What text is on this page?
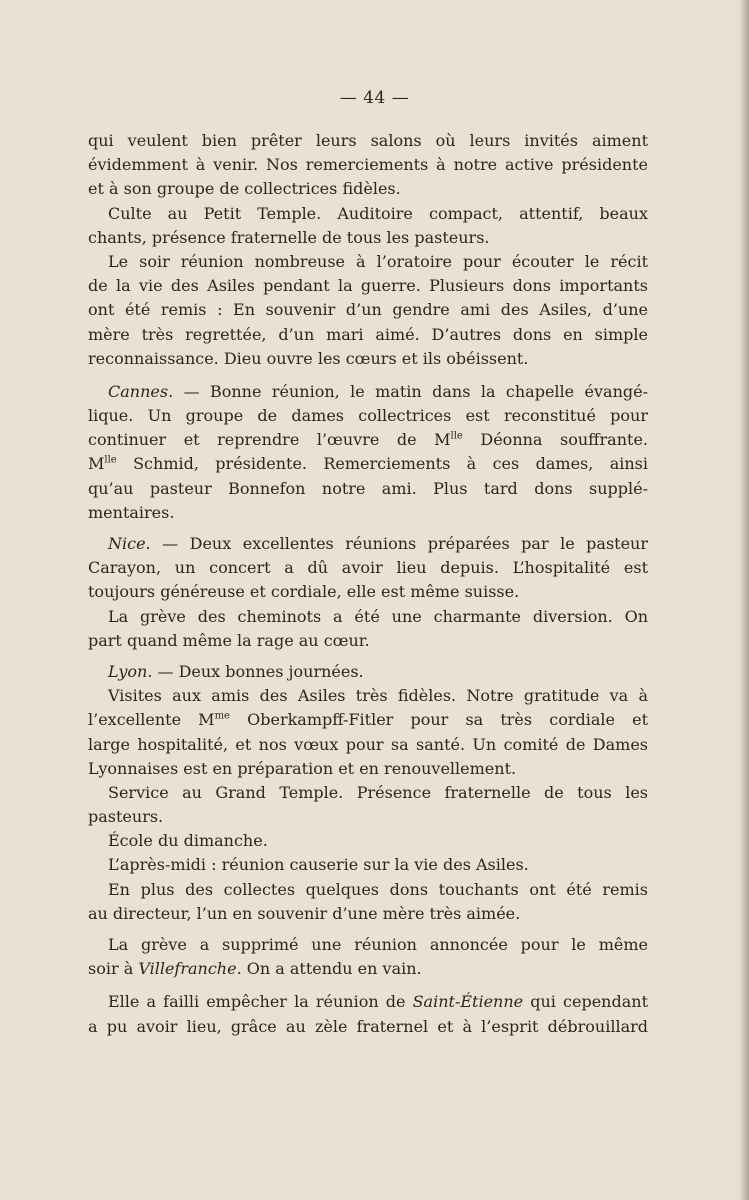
— 44 —
qui veulent bien prêter leurs salons où leurs invités aiment
évidemment à venir. Nos remerciements à notre active présidente
et à son groupe de collectrices fidèles.
Culte au Petit Temple. Auditoire compact, attentif, beaux
chants, présence fraternelle de tous les pasteurs.
Le soir réunion nombreuse à l’oratoire pour écouter le récit
de la vie des Asiles pendant la guerre. Plusieurs dons importants
ont été remis : En souvenir d’un gendre ami des Asiles, d’une
mère très regrettée, d’un mari aimé. D’autres dons en simple
reconnaissance. Dieu ouvre les cœurs et ils obéissent.
Cannes. — Bonne réunion, le matin dans la chapelle évangé-
lique. Un groupe de dames collectrices est reconstitué pour
continuer et reprendre l’œuvre de $M^{lle}$ Déonna souffrante.
$M^{lle}$ Schmid, présidente. Remerciements à ces dames, ainsi
qu’au pasteur Bonnefon notre ami. Plus tard dons supplé-
mentaires.
Nice. — Deux excellentes réunions préparées par le pasteur
Carayon, un concert a dû avoir lieu depuis. L’hospitalité est
toujours généreuse et cordiale, elle est même suisse.
La grève des cheminots a été une charmante diversion. On
part quand même la rage au cœur.
Lyon. — Deux bonnes journées.
Visites aux amis des Asiles très fidèles. Notre gratitude va à
l’excellente $M^{me}$ Oberkampff-Fitler pour sa très cordiale et
large hospitalité, et nos vœux pour sa santé. Un comité de Dames
Lyonnaises est en préparation et en renouvellement.
Service au Grand Temple. Présence fraternelle de tous les
pasteurs.
École du dimanche.
L’après-midi : réunion causerie sur la vie des Asiles.
En plus des collectes quelques dons touchants ont été remis
au directeur, l’un en souvenir d’une mère très aimée.
La grève a supprimé une réunion annoncée pour le même
soir à Villefranche. On a attendu en vain.
Elle a failli empêcher la réunion de Saint-Étienne qui cependant
a pu avoir lieu, grâce au zèle fraternel et à l’esprit débrouillard
